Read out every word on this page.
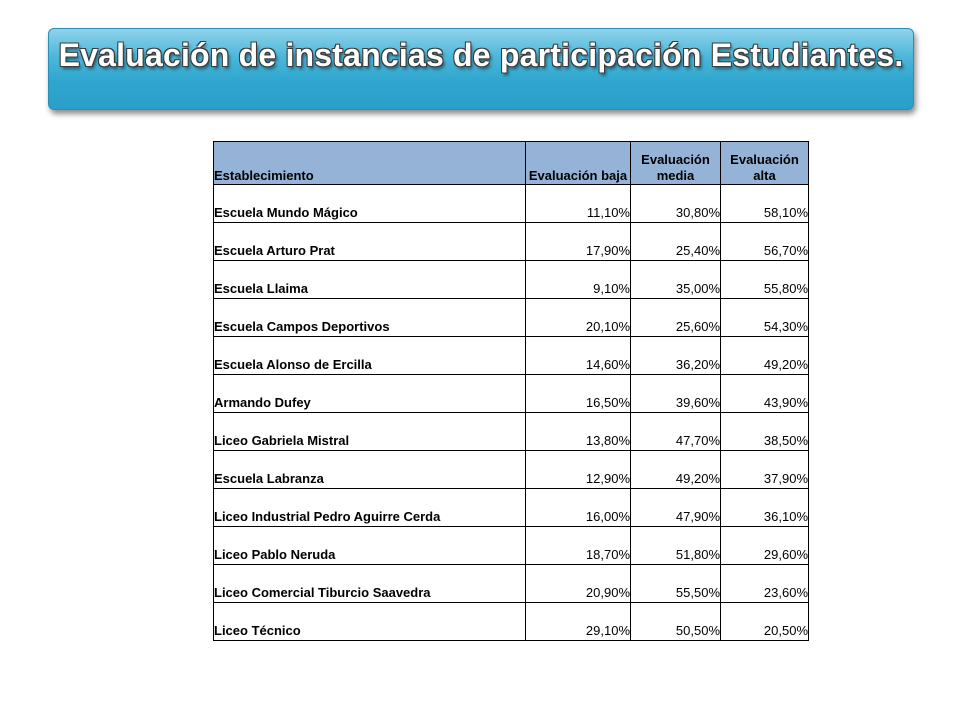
Evaluación de instancias de participación Estudiantes.
Establecimiento	Evaluación baja	Evaluación media	Evaluación alta
Escuela Mundo Mágico	11,10%	30,80%	58,10%
Escuela Arturo Prat	17,90%	25,40%	56,70%
Escuela Llaima	9,10%	35,00%	55,80%
Escuela Campos Deportivos	20,10%	25,60%	54,30%
Escuela Alonso de Ercilla	14,60%	36,20%	49,20%
Armando Dufey	16,50%	39,60%	43,90%
Liceo Gabriela Mistral	13,80%	47,70%	38,50%
Escuela Labranza	12,90%	49,20%	37,90%
Liceo Industrial Pedro Aguirre Cerda	16,00%	47,90%	36,10%
Liceo Pablo Neruda	18,70%	51,80%	29,60%
Liceo Comercial Tiburcio Saavedra	20,90%	55,50%	23,60%
Liceo Técnico	29,10%	50,50%	20,50%
